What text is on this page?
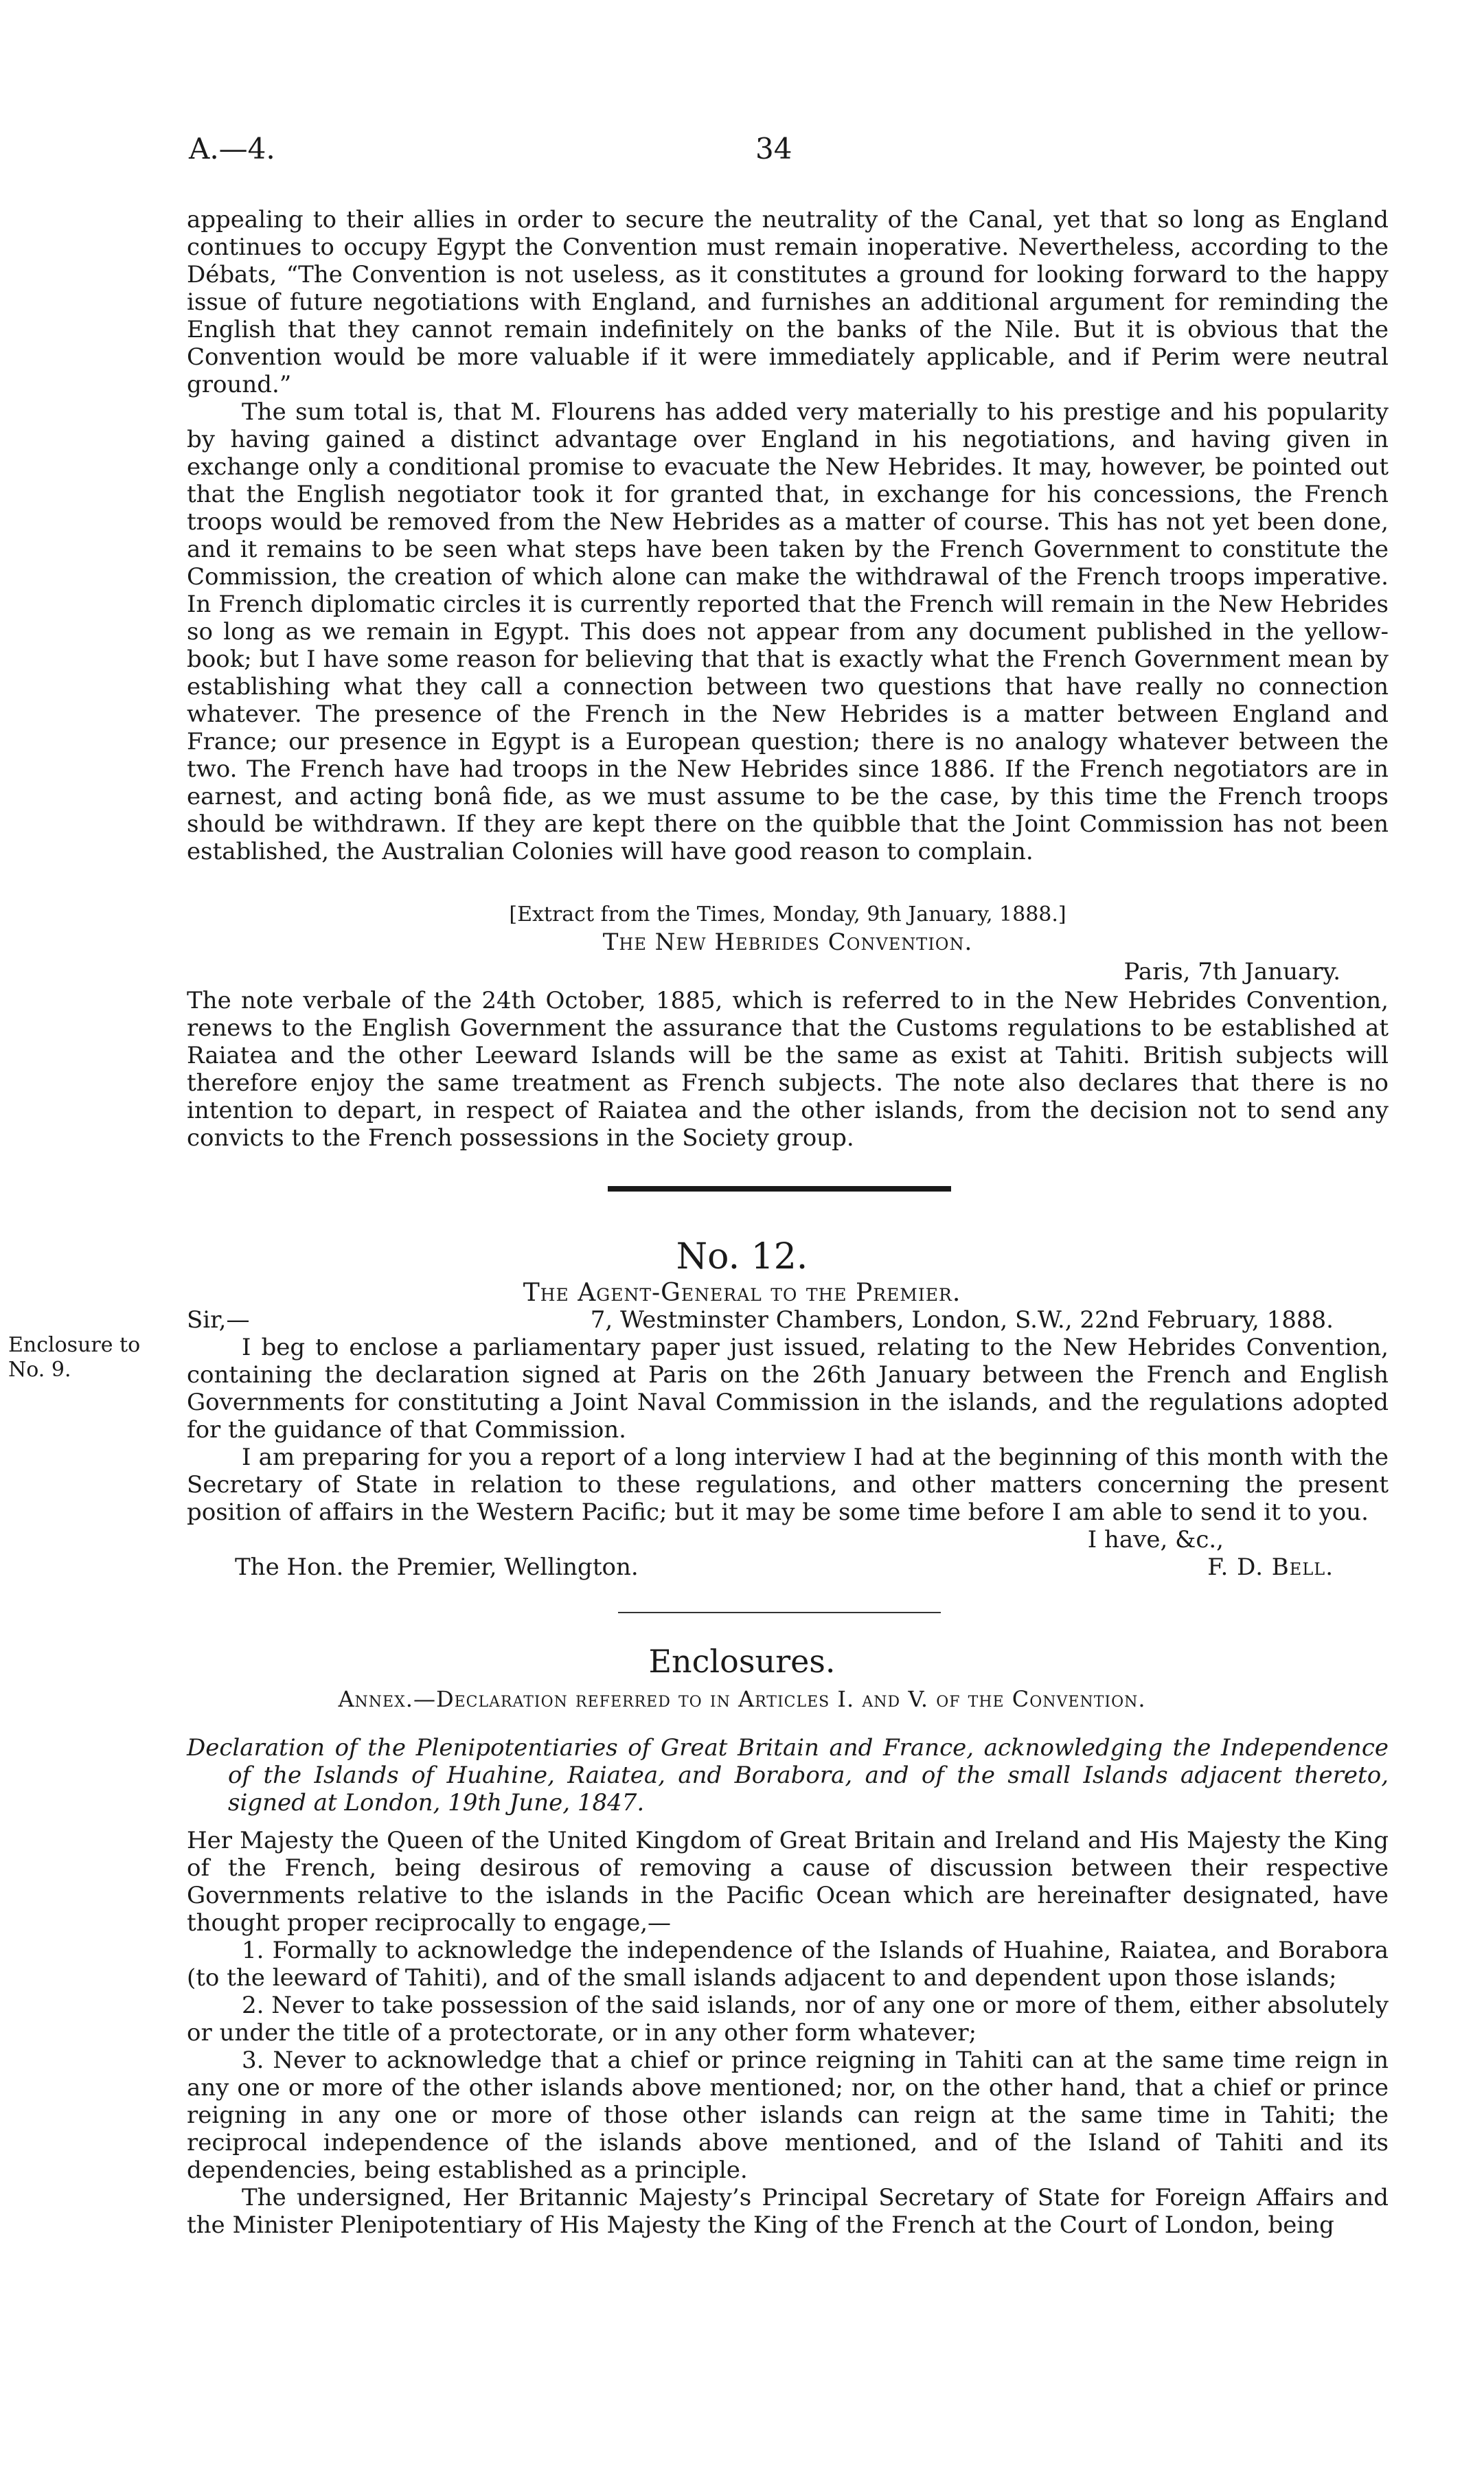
A.—4.	34

appealing to their allies in order to secure the neutrality of the Canal, yet that so long as England continues to occupy Egypt the Convention must remain inoperative. Nevertheless, according to the Débats, “The Convention is not useless, as it constitutes a ground for looking forward to the happy issue of future negotiations with England, and furnishes an additional argument for reminding the English that they cannot remain indefinitely on the banks of the Nile. But it is obvious that the Convention would be more valuable if it were immediately applicable, and if Perim were neutral ground.”

The sum total is, that M. Flourens has added very materially to his prestige and his popularity by having gained a distinct advantage over England in his negotiations, and having given in exchange only a conditional promise to evacuate the New Hebrides. It may, however, be pointed out that the English negotiator took it for granted that, in exchange for his concessions, the French troops would be removed from the New Hebrides as a matter of course. This has not yet been done, and it remains to be seen what steps have been taken by the French Government to constitute the Commission, the creation of which alone can make the withdrawal of the French troops imperative. In French diplomatic circles it is currently reported that the French will remain in the New Hebrides so long as we remain in Egypt. This does not appear from any document published in the yellow-book; but I have some reason for believing that that is exactly what the French Government mean by establishing what they call a connection between two questions that have really no connection whatever. The presence of the French in the New Hebrides is a matter between England and France; our presence in Egypt is a European question; there is no analogy whatever between the two. The French have had troops in the New Hebrides since 1886. If the French negotiators are in earnest, and acting bonâ fide, as we must assume to be the case, by this time the French troops should be withdrawn. If they are kept there on the quibble that the Joint Commission has not been established, the Australian Colonies will have good reason to complain.

[Extract from the Times, Monday, 9th January, 1888.]
The New Hebrides Convention.
Paris, 7th January.

The note verbale of the 24th October, 1885, which is referred to in the New Hebrides Convention, renews to the English Government the assurance that the Customs regulations to be established at Raiatea and the other Leeward Islands will be the same as exist at Tahiti. British subjects will therefore enjoy the same treatment as French subjects. The note also declares that there is no intention to depart, in respect of Raiatea and the other islands, from the decision not to send any convicts to the French possessions in the Society group.

No. 12.
The Agent-General to the Premier.
Sir,—	7, Westminster Chambers, London, S.W., 22nd February, 1888.
Enclosure to
No. 9.

I beg to enclose a parliamentary paper just issued, relating to the New Hebrides Convention, containing the declaration signed at Paris on the 26th January between the French and English Governments for constituting a Joint Naval Commission in the islands, and the regulations adopted for the guidance of that Commission.

I am preparing for you a report of a long interview I had at the beginning of this month with the Secretary of State in relation to these regulations, and other matters concerning the present position of affairs in the Western Pacific; but it may be some time before I am able to send it to you.

I have, &c.,
The Hon. the Premier, Wellington.	F. D. Bell.
Enclosures.
Annex.—Declaration referred to in Articles I. and V. of the Convention.

Declaration of the Plenipotentiaries of Great Britain and France, acknowledging the Independence of the Islands of Huahine, Raiatea, and Borabora, and of the small Islands adjacent thereto, signed at London, 19th June, 1847.

Her Majesty the Queen of the United Kingdom of Great Britain and Ireland and His Majesty the King of the French, being desirous of removing a cause of discussion between their respective Governments relative to the islands in the Pacific Ocean which are hereinafter designated, have thought proper reciprocally to engage,—

1. Formally to acknowledge the independence of the Islands of Huahine, Raiatea, and Borabora (to the leeward of Tahiti), and of the small islands adjacent to and dependent upon those islands;

2. Never to take possession of the said islands, nor of any one or more of them, either absolutely or under the title of a protectorate, or in any other form whatever;

3. Never to acknowledge that a chief or prince reigning in Tahiti can at the same time reign in any one or more of the other islands above mentioned; nor, on the other hand, that a chief or prince reigning in any one or more of those other islands can reign at the same time in Tahiti; the reciprocal independence of the islands above mentioned, and of the Island of Tahiti and its dependencies, being established as a principle.

The undersigned, Her Britannic Majesty’s Principal Secretary of State for Foreign Affairs and the Minister Plenipotentiary of His Majesty the King of the French at the Court of London, being
